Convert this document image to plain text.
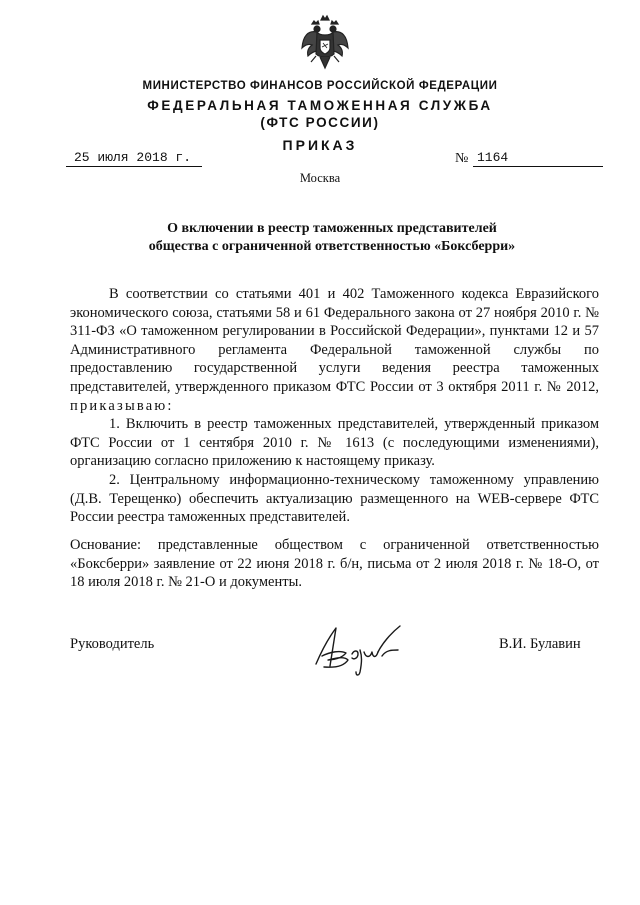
МИНИСТЕРСТВО ФИНАНСОВ РОССИЙСКОЙ ФЕДЕРАЦИИ
ФЕДЕРАЛЬНАЯ ТАМОЖЕННАЯ СЛУЖБА
(ФТС РОССИИ)
ПРИКАЗ
25 июля 2018 г.	№ 1164
Москва
О включении в реестр таможенных представителей
общества с ограниченной ответственностью «Боксберри»

В соответствии со статьями 401 и 402 Таможенного кодекса Евразийского экономического союза, статьями 58 и 61 Федерального закона от 27 ноября 2010 г. № 311-ФЗ «О таможенном регулировании в Российской Федерации», пунктами 12 и 57 Административного регламента Федеральной таможенной службы по предоставлению государственной услуги ведения реестра таможенных представителей, утвержденного приказом ФТС России от 3 октября 2011 г. № 2012, приказываю:

1. Включить в реестр таможенных представителей, утвержденный приказом ФТС России от 1 сентября 2010 г. № 1613 (с последующими изменениями), организацию согласно приложению к настоящему приказу.

2. Центральному информационно-техническому таможенному управлению (Д.В. Терещенко) обеспечить актуализацию размещенного на WEB-сервере ФТС России реестра таможенных представителей.

Основание: представленные обществом с ограниченной ответственностью «Боксберри» заявление от 22 июня 2018 г. б/н, письма от 2 июля 2018 г. № 18-О, от 18 июля 2018 г. № 21-О и документы.

Руководитель	В.И. Булавин
